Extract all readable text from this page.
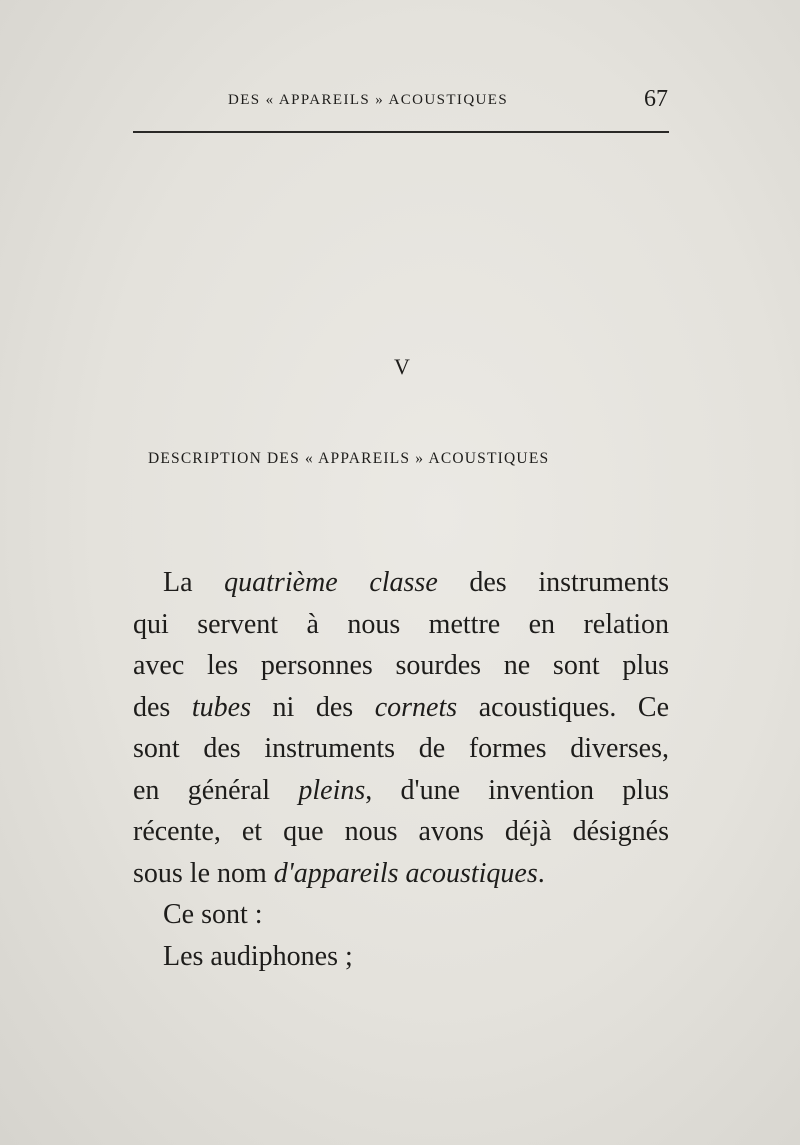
DES « APPAREILS » ACOUSTIQUES	67
V
DESCRIPTION DES « APPAREILS » ACOUSTIQUES
La quatrième classe des instruments
qui servent à nous mettre en relation
avec les personnes sourdes ne sont plus
des tubes ni des cornets acoustiques. Ce
sont des instruments de formes diverses,
en général pleins, d'une invention plus
récente, et que nous avons déjà désignés
sous le nom d'appareils acoustiques.
Ce sont :
Les audiphones ;
